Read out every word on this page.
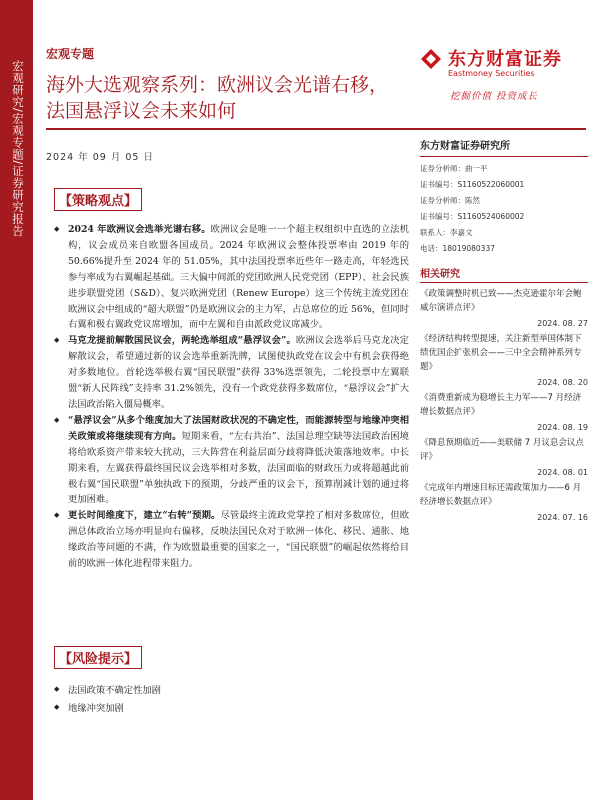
宏观研究/宏观专题/证券研究报告
宏观专题
海外大选观察系列：欧洲议会光谱右移，法国悬浮议会未来如何
2024 年 09 月 05 日
东方财富证券
Eastmoney Securities
挖掘价值 投资成长
【策略观点】
◆ 2024 年欧洲议会选举光谱右移。欧洲议会是唯一一个超主权组织中直选的立法机构，议会成员来自欧盟各国成员。2024 年欧洲议会整体投票率由 2019 年的 50.66%提升至 2024 年的 51.05%，其中法国投票率近些年一路走高，年轻选民参与率成为右翼崛起基础。三大偏中间派的党团欧洲人民党党团（EPP）、社会民族进步联盟党团（S&D）、复兴欧洲党团（Renew Europe）这三个传统主流党团在欧洲议会中组成的“超大联盟”仍是欧洲议会的主力军，占总席位的近 56%，但同时右翼和极右翼政党议席增加，而中左翼和自由派政党议席减少。
◆ 马克龙提前解散国民议会，两轮选举组成“悬浮议会”。欧洲议会选举后马克龙决定解散议会，希望通过新的议会选举重新洗牌，试图使执政党在议会中有机会获得绝对多数地位。首轮选举极右翼“国民联盟”获得 33%选票领先，二轮投票中左翼联盟“新人民阵线”支持率 31.2%领先，没有一个政党获得多数席位，“悬浮议会”扩大法国政治陷入僵局概率。
◆ “悬浮议会”从多个维度加大了法国财政状况的不确定性，而能源转型与地缘冲突相关政策或将继续现有方向。短期来看，“左右共治”、法国总理空缺等法国政治困境将给欧系资产带来较大扰动，三大阵营在利益层面分歧将降低决策落地效率。中长期来看，左翼获得最终国民议会选举相对多数，法国面临的财政压力或将超越此前极右翼“国民联盟”单独执政下的预期，分歧严重的议会下，预算削减计划的通过将更加困难。
◆ 更长时间维度下，建立“右转”预期。尽管最终主流政党掌控了相对多数席位，但欧洲总体政治立场亦明显向右偏移，反映法国民众对于欧洲一体化、移民、通胀、地缘政治等问题的不满，作为欧盟最重要的国家之一，“国民联盟”的崛起依然将给目前的欧洲一体化进程带来阻力。
【风险提示】
◆ 法国政策不确定性加剧
◆ 地缘冲突加剧
东方财富证券研究所
证券分析师：曲一平
证书编号：S1160522060001
证券分析师：陈然
证书编号：S1160524060002
联系人：李嘉文
电话：18019080337
相关研究
《政策调整时机已致——杰克逊霍尔年会鲍威尔演讲点评》
2024. 08. 27
《经济结构转型提速，关注新型举国体制下绩优国企扩张机会——三中全会精神系列专题》
2024. 08. 20
《消费重新成为稳增长主力军——7 月经济增长数据点评》
2024. 08. 19
《降息预期临近——美联储 7 月议息会议点评》
2024. 08. 01
《完成年内增速目标还需政策加力——6 月经济增长数据点评》
2024. 07. 16
